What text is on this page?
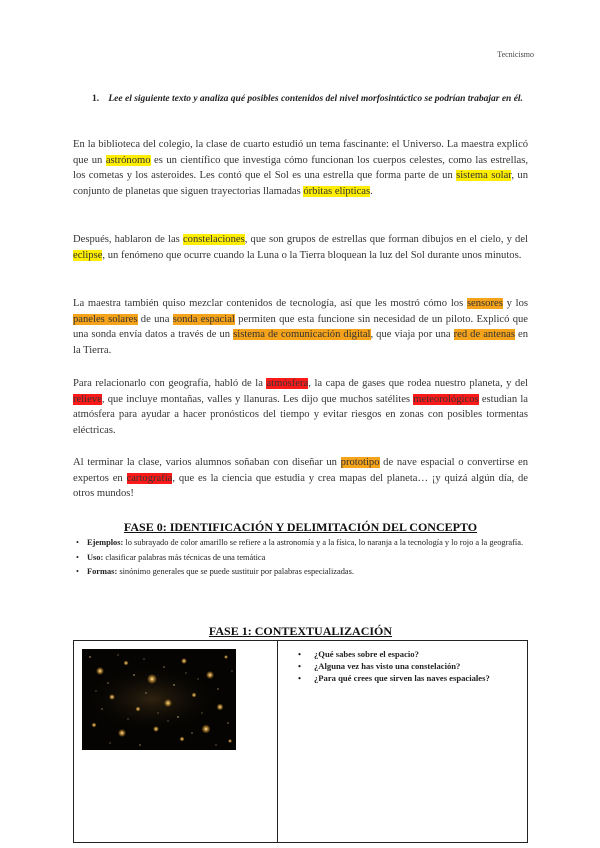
Tecnicismo
1. Lee el siguiente texto y analiza qué posibles contenidos del nivel morfosintáctico se podrían trabajar en él.

En la biblioteca del colegio, la clase de cuarto estudió un tema fascinante: el Universo. La maestra explicó que un astrónomo es un científico que investiga cómo funcionan los cuerpos celestes, como las estrellas, los cometas y los asteroides. Les contó que el Sol es una estrella que forma parte de un sistema solar, un conjunto de planetas que siguen trayectorias llamadas órbitas elípticas.

Después, hablaron de las constelaciones, que son grupos de estrellas que forman dibujos en el cielo, y del eclipse, un fenómeno que ocurre cuando la Luna o la Tierra bloquean la luz del Sol durante unos minutos.

La maestra también quiso mezclar contenidos de tecnología, así que les mostró cómo los sensores y los paneles solares de una sonda espacial permiten que esta funcione sin necesidad de un piloto. Explicó que una sonda envía datos a través de un sistema de comunicación digital, que viaja por una red de antenas en la Tierra.

Para relacionarlo con geografía, habló de la atmósfera, la capa de gases que rodea nuestro planeta, y del relieve, que incluye montañas, valles y llanuras. Les dijo que muchos satélites meteorológicos estudian la atmósfera para ayudar a hacer pronósticos del tiempo y evitar riesgos en zonas con posibles tormentas eléctricas.

Al terminar la clase, varios alumnos soñaban con diseñar un prototipo de nave espacial o convertirse en expertos en cartografía, que es la ciencia que estudia y crea mapas del planeta… ¡y quizá algún día, de otros mundos!

FASE 0: IDENTIFICACIÓN Y DELIMITACIÓN DEL CONCEPTO
• Ejemplos: lo subrayado de color amarillo se refiere a la astronomía y a la física, lo naranja a la tecnología y lo rojo a la geografía.
• Uso: clasificar palabras más técnicas de una temática
• Formas: sinónimo generales que se puede sustituir por palabras especializadas.
FASE 1: CONTEXTUALIZACIÓN
• ¿Qué sabes sobre el espacio?
• ¿Alguna vez has visto una constelación?
• ¿Para qué crees que sirven las naves espaciales?
